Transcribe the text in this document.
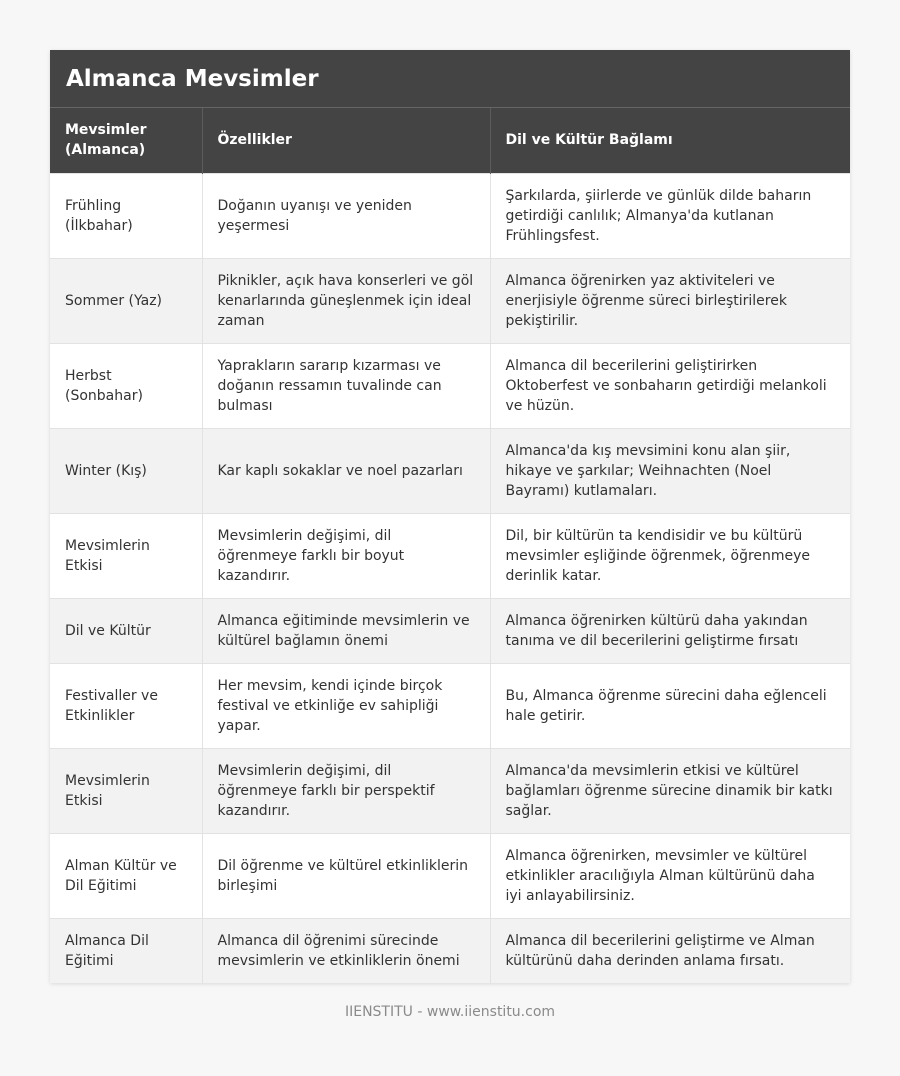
Almanca Mevsimler
Mevsimler (Almanca)	Özellikler	Dil ve Kültür Bağlamı
Frühling (İlkbahar)	Doğanın uyanışı ve yeniden yeşermesi	Şarkılarda, şiirlerde ve günlük dilde baharın getirdiği canlılık; Almanya'da kutlanan Frühlingsfest.
Sommer (Yaz)	Piknikler, açık hava konserleri ve göl kenarlarında güneşlenmek için ideal zaman	Almanca öğrenirken yaz aktiviteleri ve enerjisiyle öğrenme süreci birleştirilerek pekiştirilir.
Herbst (Sonbahar)	Yaprakların sararıp kızarması ve doğanın ressamın tuvalinde can bulması	Almanca dil becerilerini geliştirirken Oktoberfest ve sonbaharın getirdiği melankoli ve hüzün.
Winter (Kış)	Kar kaplı sokaklar ve noel pazarları	Almanca'da kış mevsimini konu alan şiir, hikaye ve şarkılar; Weihnachten (Noel Bayramı) kutlamaları.
Mevsimlerin Etkisi	Mevsimlerin değişimi, dil öğrenmeye farklı bir boyut kazandırır.	Dil, bir kültürün ta kendisidir ve bu kültürü mevsimler eşliğinde öğrenmek, öğrenmeye derinlik katar.
Dil ve Kültür	Almanca eğitiminde mevsimlerin ve kültürel bağlamın önemi	Almanca öğrenirken kültürü daha yakından tanıma ve dil becerilerini geliştirme fırsatı
Festivaller ve Etkinlikler	Her mevsim, kendi içinde birçok festival ve etkinliğe ev sahipliği yapar.	Bu, Almanca öğrenme sürecini daha eğlenceli hale getirir.
Mevsimlerin Etkisi	Mevsimlerin değişimi, dil öğrenmeye farklı bir perspektif kazandırır.	Almanca'da mevsimlerin etkisi ve kültürel bağlamları öğrenme sürecine dinamik bir katkı sağlar.
Alman Kültür ve Dil Eğitimi	Dil öğrenme ve kültürel etkinliklerin birleşimi	Almanca öğrenirken, mevsimler ve kültürel etkinlikler aracılığıyla Alman kültürünü daha iyi anlayabilirsiniz.
Almanca Dil Eğitimi	Almanca dil öğrenimi sürecinde mevsimlerin ve etkinliklerin önemi	Almanca dil becerilerini geliştirme ve Alman kültürünü daha derinden anlama fırsatı.
IIENSTITU - www.iienstitu.com
